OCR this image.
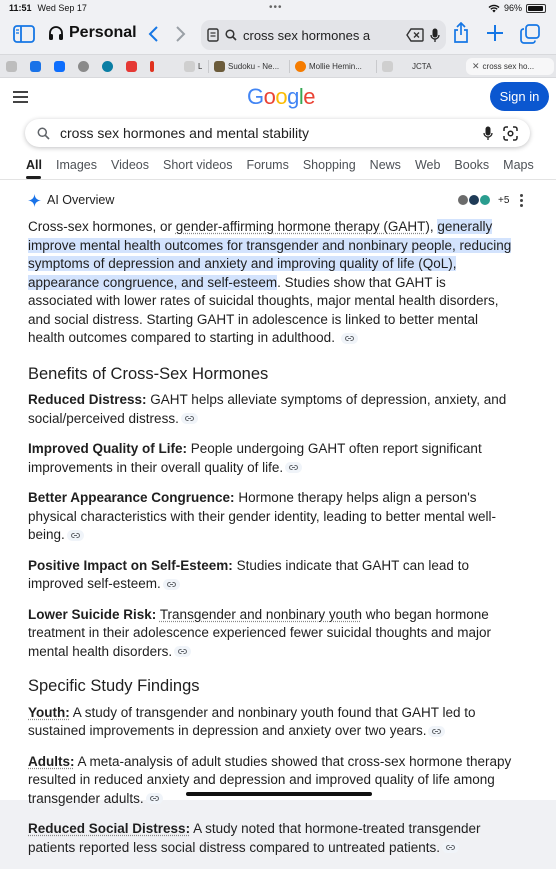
11:51 Wed Sep 17	•••	96%
Personal	cross sex hormones a
L	Sudoku - Ne...	Mollie Hemin...	JCTA	✕ cross sex ho...
Google	Sign in
cross sex hormones and mental stability
All Images Videos Short videos Forums Shopping News Web Books Maps
AI Overview	+5

Cross-sex hormones, or gender-affirming hormone therapy (GAHT), generally improve mental health outcomes for transgender and nonbinary people, reducing symptoms of depression and anxiety and improving quality of life (QoL), appearance congruence, and self-esteem. Studies show that GAHT is associated with lower rates of suicidal thoughts, major mental health disorders, and social distress. Starting GAHT in adolescence is linked to better mental health outcomes compared to starting in adulthood.

Benefits of Cross-Sex Hormones

Reduced Distress: GAHT helps alleviate symptoms of depression, anxiety, and social/perceived distress.

Improved Quality of Life: People undergoing GAHT often report significant improvements in their overall quality of life.

Better Appearance Congruence: Hormone therapy helps align a person's physical characteristics with their gender identity, leading to better mental well-being.

Positive Impact on Self-Esteem: Studies indicate that GAHT can lead to improved self-esteem.

Lower Suicide Risk: Transgender and nonbinary youth who began hormone treatment in their adolescence experienced fewer suicidal thoughts and major mental health disorders.

Specific Study Findings

Youth: A study of transgender and nonbinary youth found that GAHT led to sustained improvements in depression and anxiety over two years.

Adults: A meta-analysis of adult studies showed that cross-sex hormone therapy resulted in reduced anxiety and depression and improved quality of life among transgender adults.

Reduced Social Distress: A study noted that hormone-treated transgender patients reported less social distress compared to untreated patients.
